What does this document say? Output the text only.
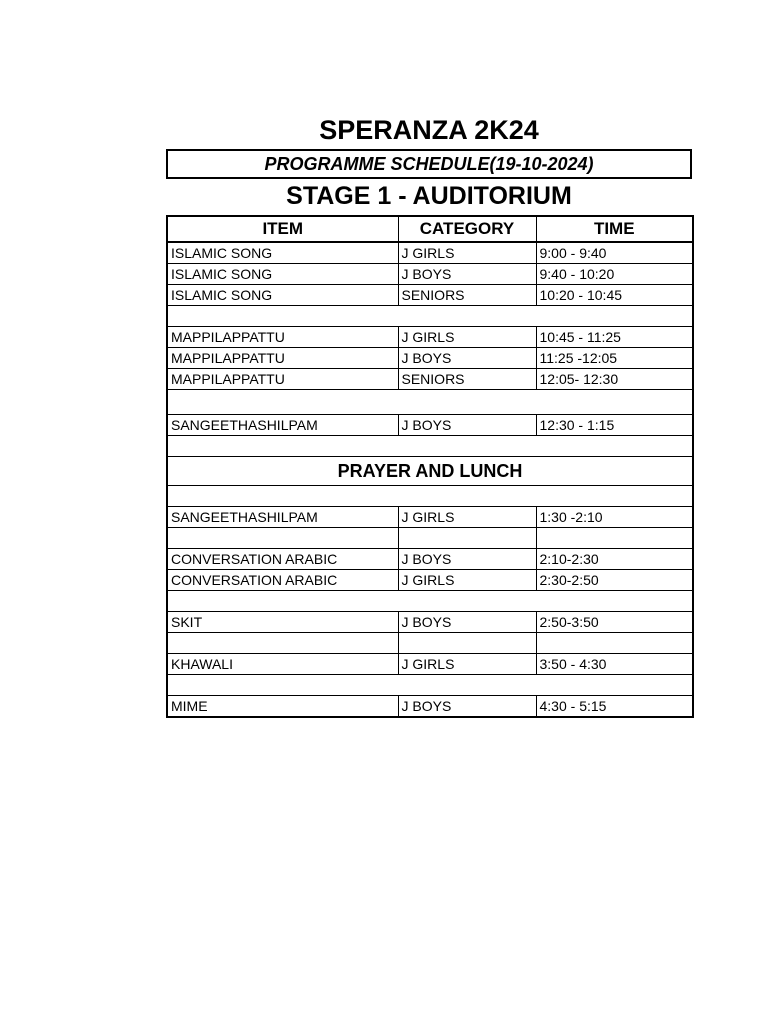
SPERANZA 2K24
PROGRAMME SCHEDULE(19-10-2024)
STAGE 1 - AUDITORIUM
ITEM	CATEGORY	TIME
ISLAMIC SONG	J GIRLS	9:00 - 9:40
ISLAMIC SONG	J BOYS	9:40 - 10:20
ISLAMIC SONG	SENIORS	10:20 - 10:45

MAPPILAPPATTU	J GIRLS	10:45 - 11:25
MAPPILAPPATTU	J BOYS	11:25 -12:05
MAPPILAPPATTU	SENIORS	12:05- 12:30

SANGEETHASHILPAM	J BOYS	12:30 - 1:15

PRAYER AND LUNCH		

SANGEETHASHILPAM	J GIRLS	1:30 -2:10

CONVERSATION ARABIC	J BOYS	2:10-2:30
CONVERSATION ARABIC	J GIRLS	2:30-2:50

SKIT	J BOYS	2:50-3:50

KHAWALI	J GIRLS	3:50 - 4:30

MIME	J BOYS	4:30 - 5:15
